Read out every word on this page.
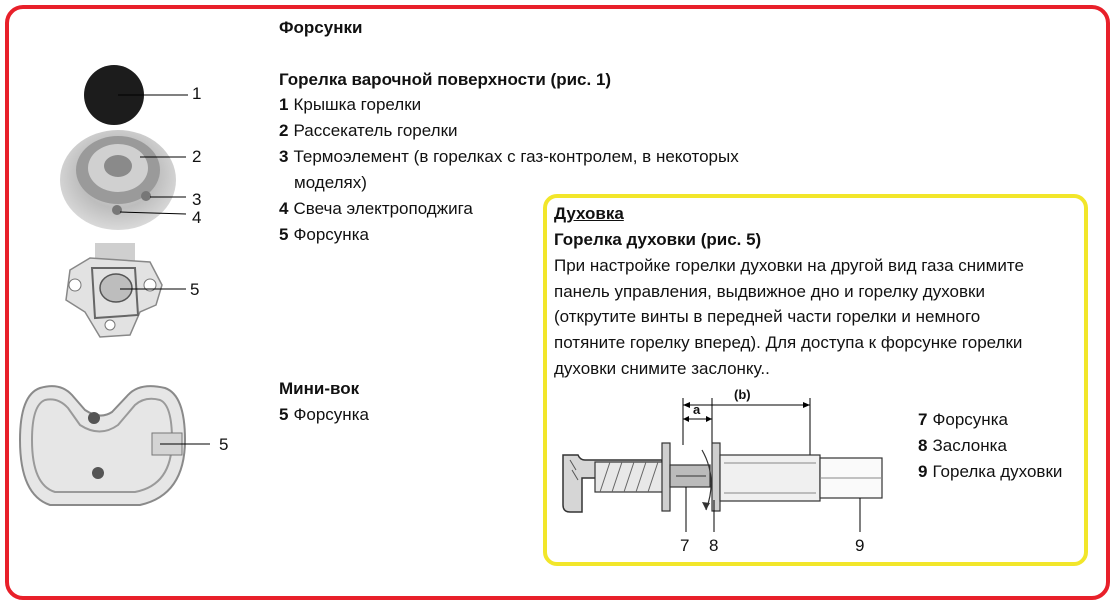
1
2
3
4
5
5
Форсунки
Горелка варочной поверхности (рис. 1)
1 Крышка горелки
2 Рассекатель горелки
3 Термоэлемент (в горелках с газ-контролем, в некоторых
моделях)
4 Свеча электроподжига
5 Форсунка
Мини-вок
5 Форсунка
Духовка
Горелка духовки (рис. 5)
При настройке горелки духовки на другой вид газа снимите
панель управления, выдвижное дно и горелку духовки
(открутите винты в передней части горелки и немного
потяните горелку вперед). Для доступа к форсунке горелки
духовки снимите заслонку..
a
(b)
7 8	9
7 Форсунка
8 Заслонка
9 Горелка духовки
